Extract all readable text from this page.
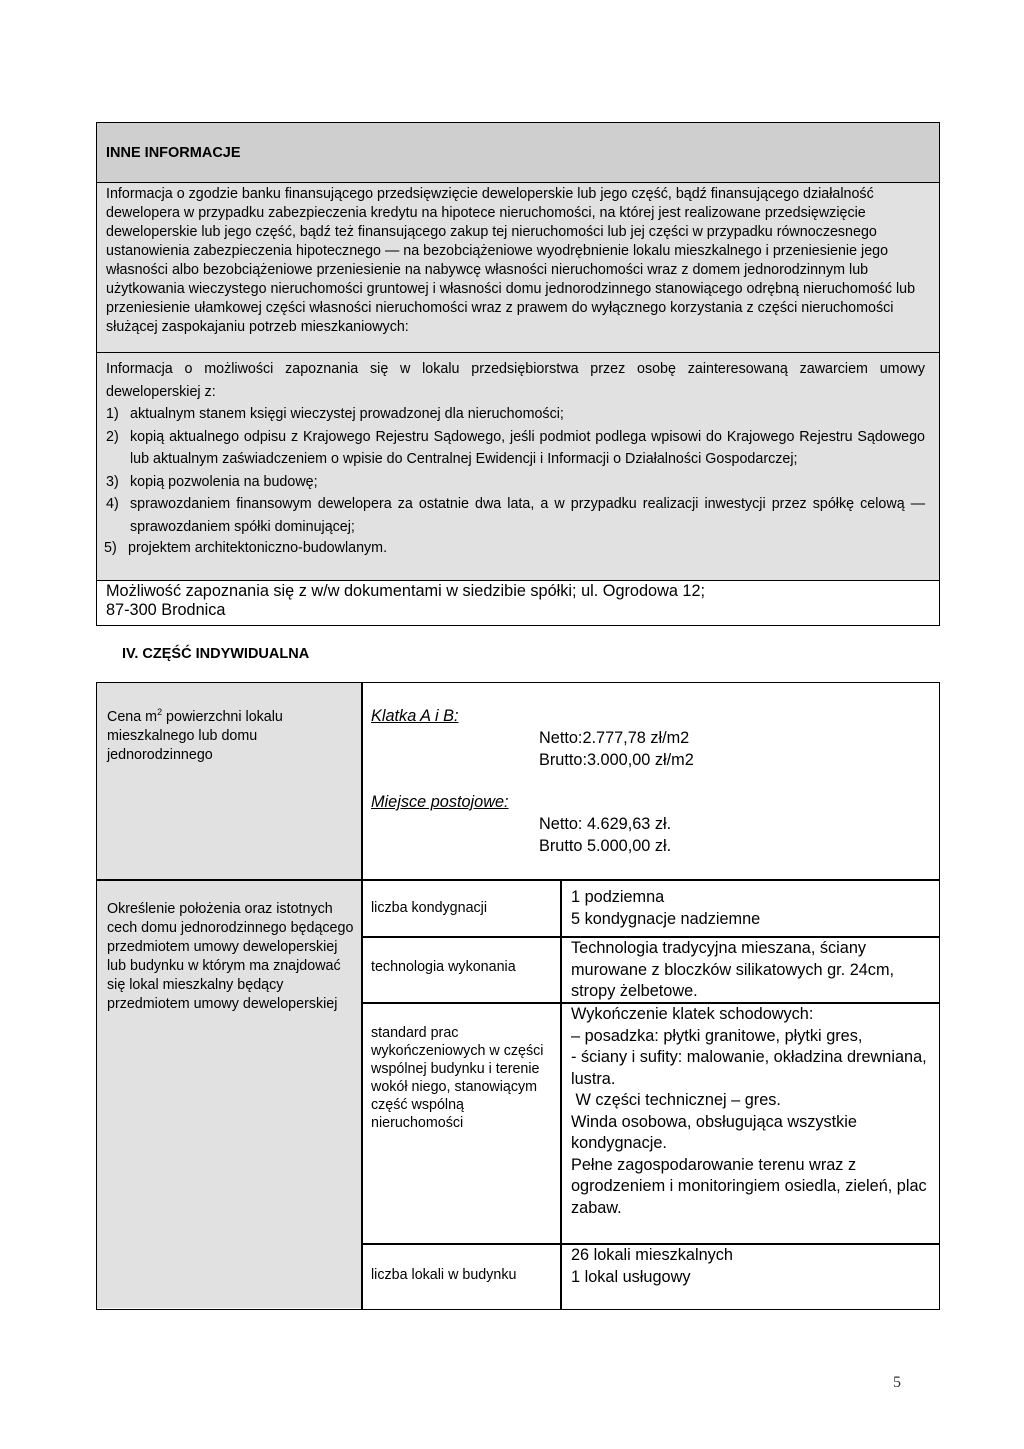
INNE INFORMACJE
Informacja o zgodzie banku finansującego przedsięwzięcie deweloperskie lub jego część, bądź finansującego działalność dewelopera w przypadku zabezpieczenia kredytu na hipotece nieruchomości, na której jest realizowane przedsięwzięcie deweloperskie lub jego część, bądź też finansującego zakup tej nieruchomości lub jej części w przypadku równoczesnego ustanowienia zabezpieczenia hipotecznego — na bezobciążeniowe wyodrębnienie lokalu mieszkalnego i przeniesienie jego własności albo bezobciążeniowe przeniesienie na nabywcę własności nieruchomości wraz z domem jednorodzinnym lub użytkowania wieczystego nieruchomości gruntowej i własności domu jednorodzinnego stanowiącego odrębną nieruchomość lub przeniesienie ułamkowej części własności nieruchomości wraz z prawem do wyłącznego korzystania z części nieruchomości służącej zaspokajaniu potrzeb mieszkaniowych:
Informacja o możliwości zapoznania się w lokalu przedsiębiorstwa przez osobę zainteresowaną zawarciem umowy deweloperskiej z:
1) aktualnym stanem księgi wieczystej prowadzonej dla nieruchomości;
2) kopią aktualnego odpisu z Krajowego Rejestru Sądowego, jeśli podmiot podlega wpisowi do Krajowego Rejestru Sądowego lub aktualnym zaświadczeniem o wpisie do Centralnej Ewidencji i Informacji o Działalności Gospodarczej;
3) kopią pozwolenia na budowę;
4) sprawozdaniem finansowym dewelopera za ostatnie dwa lata, a w przypadku realizacji inwestycji przez spółkę celową — sprawozdaniem spółki dominującej;
5) projektem architektoniczno-budowlanym.
Możliwość zapoznania się z w/w dokumentami w siedzibie spółki; ul. Ogrodowa 12;
87-300 Brodnica
IV. CZĘŚĆ INDYWIDUALNA
Cena $m^2$ powierzchni lokalu mieszkalnego lub domu jednorodzinnego
Klatka A i B:
Netto:2.777,78 zł/m2
Brutto:3.000,00 zł/m2
Miejsce postojowe:
Netto: 4.629,63 zł.
Brutto 5.000,00 zł.
Określenie położenia oraz istotnych cech domu jednorodzinnego będącego przedmiotem umowy deweloperskiej lub budynku w którym ma znajdować się lokal mieszkalny będący przedmiotem umowy deweloperskiej
liczba kondygnacji
1 podziemna
5 kondygnacje nadziemne
technologia wykonania
Technologia tradycyjna mieszana, ściany murowane z bloczków silikatowych gr. 24cm, stropy żelbetowe.
standard prac wykończeniowych w części wspólnej budynku i terenie wokół niego, stanowiącym część wspólną nieruchomości
Wykończenie klatek schodowych:
– posadzka: płytki granitowe, płytki gres,
- ściany i sufity: malowanie, okładzina drewniana, lustra.
W części technicznej – gres.
Winda osobowa, obsługująca wszystkie kondygnacje.
Pełne zagospodarowanie terenu wraz z ogrodzeniem i monitoringiem osiedla, zieleń, plac zabaw.
liczba lokali w budynku
26 lokali mieszkalnych
1 lokal usługowy
5
